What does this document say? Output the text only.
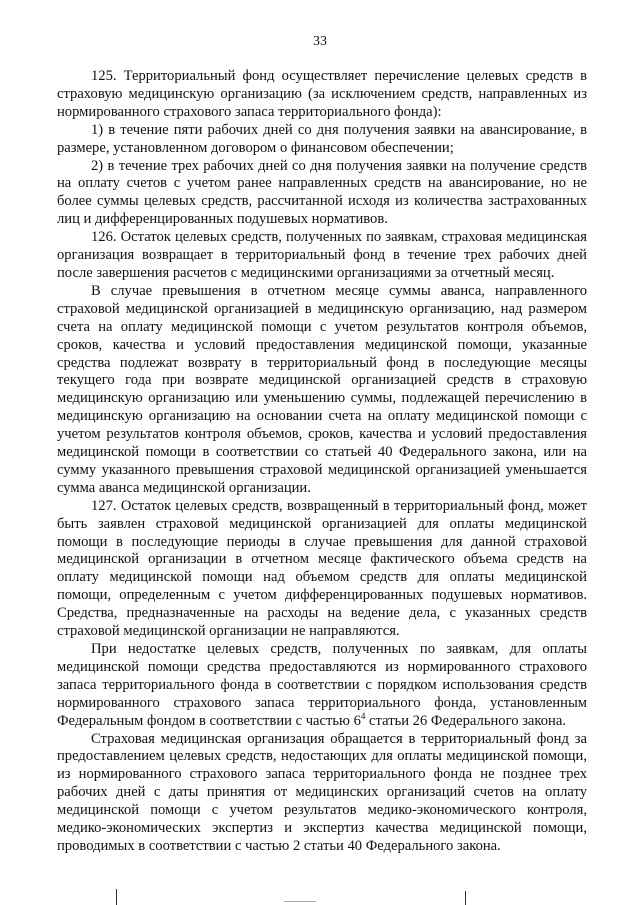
33

125. Территориальный фонд осуществляет перечисление целевых средств в страховую медицинскую организацию (за исключением средств, направленных из нормированного страхового запаса территориального фонда):

1) в течение пяти рабочих дней со дня получения заявки на авансирование, в размере, установленном договором о финансовом обеспечении;

2) в течение трех рабочих дней со дня получения заявки на получение средств на оплату счетов с учетом ранее направленных средств на авансирование, но не более суммы целевых средств, рассчитанной исходя из количества застрахованных лиц и дифференцированных подушевых нормативов.

126. Остаток целевых средств, полученных по заявкам, страховая медицинская организация возвращает в территориальный фонд в течение трех рабочих дней после завершения расчетов с медицинскими организациями за отчетный месяц.

В случае превышения в отчетном месяце суммы аванса, направленного страховой медицинской организацией в медицинскую организацию, над размером счета на оплату медицинской помощи с учетом результатов контроля объемов, сроков, качества и условий предоставления медицинской помощи, указанные средства подлежат возврату в территориальный фонд в последующие месяцы текущего года при возврате медицинской организацией средств в страховую медицинскую организацию или уменьшению суммы, подлежащей перечислению в медицинскую организацию на основании счета на оплату медицинской помощи с учетом результатов контроля объемов, сроков, качества и условий предоставления медицинской помощи в соответствии со статьей 40 Федерального закона, или на сумму указанного превышения страховой медицинской организацией уменьшается сумма аванса медицинской организации.

127. Остаток целевых средств, возвращенный в территориальный фонд, может быть заявлен страховой медицинской организацией для оплаты медицинской помощи в последующие периоды в случае превышения для данной страховой медицинской организации в отчетном месяце фактического объема средств на оплату медицинской помощи над объемом средств для оплаты медицинской помощи, определенным с учетом дифференцированных подушевых нормативов. Средства, предназначенные на расходы на ведение дела, с указанных средств страховой медицинской организации не направляются.

При недостатке целевых средств, полученных по заявкам, для оплаты медицинской помощи средства предоставляются из нормированного страхового запаса территориального фонда в соответствии с порядком использования средств нормированного страхового запаса территориального фонда, установленным Федеральным фондом в соответствии с частью $6^4$ статьи 26 Федерального закона.

Страховая медицинская организация обращается в территориальный фонд за предоставлением целевых средств, недостающих для оплаты медицинской помощи, из нормированного страхового запаса территориального фонда не позднее трех рабочих дней с даты принятия от медицинских организаций счетов на оплату медицинской помощи с учетом результатов медико-экономического контроля, медико-экономических экспертиз и экспертиз качества медицинской помощи, проводимых в соответствии с частью 2 статьи 40 Федерального закона.
